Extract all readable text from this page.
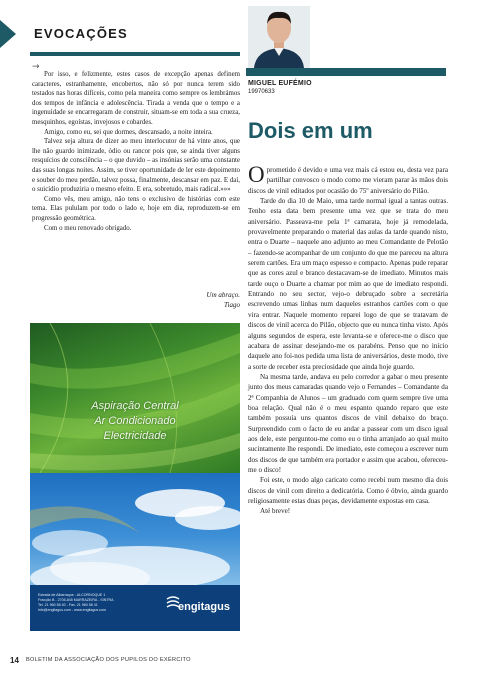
EVOCAÇÕES
→

Por isso, e felizmente, estes casos de excepção apenas definem caracteres, estranhamente, encobertos, não só por nunca terem sido testados nas horas difíceis, como pela maneira como sempre os lembrámos dos tempos de infância e adolescência. Tirada a venda que o tempo e a ingenuidade se encarregaram de construir, situam-se em toda a sua crueza, mesquinhos, egoístas, invejosos e cobardes.

Amigo, como eu, sei que dormes, descansado, a noite inteira.

Talvez seja altura de dizer ao meu interlocutor de há vinte anos, que lhe não guardo inimizade, ódio ou rancor pois que, se ainda tiver alguns resquícios de consciência – o que duvido – as insónias serão uma constante das suas longas noites. Assim, se tiver oportunidade de ler este depoimento e souber do meu perdão, talvez possa, finalmente, descansar em paz. E daí, o suicídio produziria o mesmo efeito. E era, sobretudo, mais radical.»»»

Como vês, meu amigo, não tens o exclusivo de histórias com este tema. Elas pululam por todo o lado e, hoje em dia, reproduzem-se em progressão geométrica.

Com o meu renovado obrigado.

Um abraço.
Tiago
Aspiração Central
Ar Condicionado
Electricidade
Estrada de Albarraque - ALCORNOQUE 1
Fracção B - 2705-845 MARRAZEIRA - SINTRA
Tel. 21 960 58 40 - Fax. 21 960 58 41
info@engitagus.com - www.engitagus.com	engitagus
MIGUEL EUFÉMIO
19970633
Dois em um

Oprometido é devido e uma vez mais cá estou eu, desta vez para partilhar convosco o modo como me vieram parar às mãos dois discos de vinil editados por ocasião do 75º aniversário do Pilão.

Tarde do dia 10 de Maio, uma tarde normal igual a tantas outras. Tenho esta data bem presente uma vez que se trata do meu aniversário. Passeava-me pela 1ª camarata, hoje já remodelada, provavelmente preparando o material das aulas da tarde quando nisto, entra o Duarte – naquele ano adjunto ao meu Comandante de Pelotão – fazendo-se acompanhar de um conjunto do que me pareceu na altura serem cartões. Era um maço espesso e compacto. Apenas pude reparar que as cores azul e branco destacavam-se de imediato. Minutos mais tarde ouço o Duarte a chamar por mim ao que de imediato respondi. Entrando no seu sector, vejo-o debruçado sobre a secretária escrevendo umas linhas num daqueles estranhos cartões com o que vira entrar. Naquele momento reparei logo de que se tratavam de discos de vinil acerca do Pilão, objecto que eu nunca tinha visto. Após alguns segundos de espera, este levanta-se e oferece-me o disco que acabara de assinar desejando-me os parabéns. Penso que no início daquele ano foi-nos pedida uma lista de aniversários, deste modo, tive a sorte de receber esta preciosidade que ainda hoje guardo.

Na mesma tarde, andava eu pelo corredor a gabar o meu presente junto dos meus camaradas quando vejo o Fernandes – Comandante da 2ª Companhia de Alunos – um graduado com quem sempre tive uma boa relação. Qual não é o meu espanto quando reparo que este também possuía uns quantos discos de vinil debaixo do braço. Surpreendido com o facto de eu andar a passear com um disco igual aos dele, este perguntou-me como eu o tinha arranjado ao qual muito sucintamente lhe respondi. De imediato, este começou a escrever num dos discos de que também era portador e assim que acabou, ofereceu-me o disco!

Foi este, o modo algo caricato como recebi num mesmo dia dois discos de vinil com direito a dedicatória. Como é óbvio, ainda guardo religiosamente estas duas peças, devidamente expostas em casa.

Até breve!

14 BOLETIM DA ASSOCIAÇÃO DOS PUPILOS DO EXÉRCITO
